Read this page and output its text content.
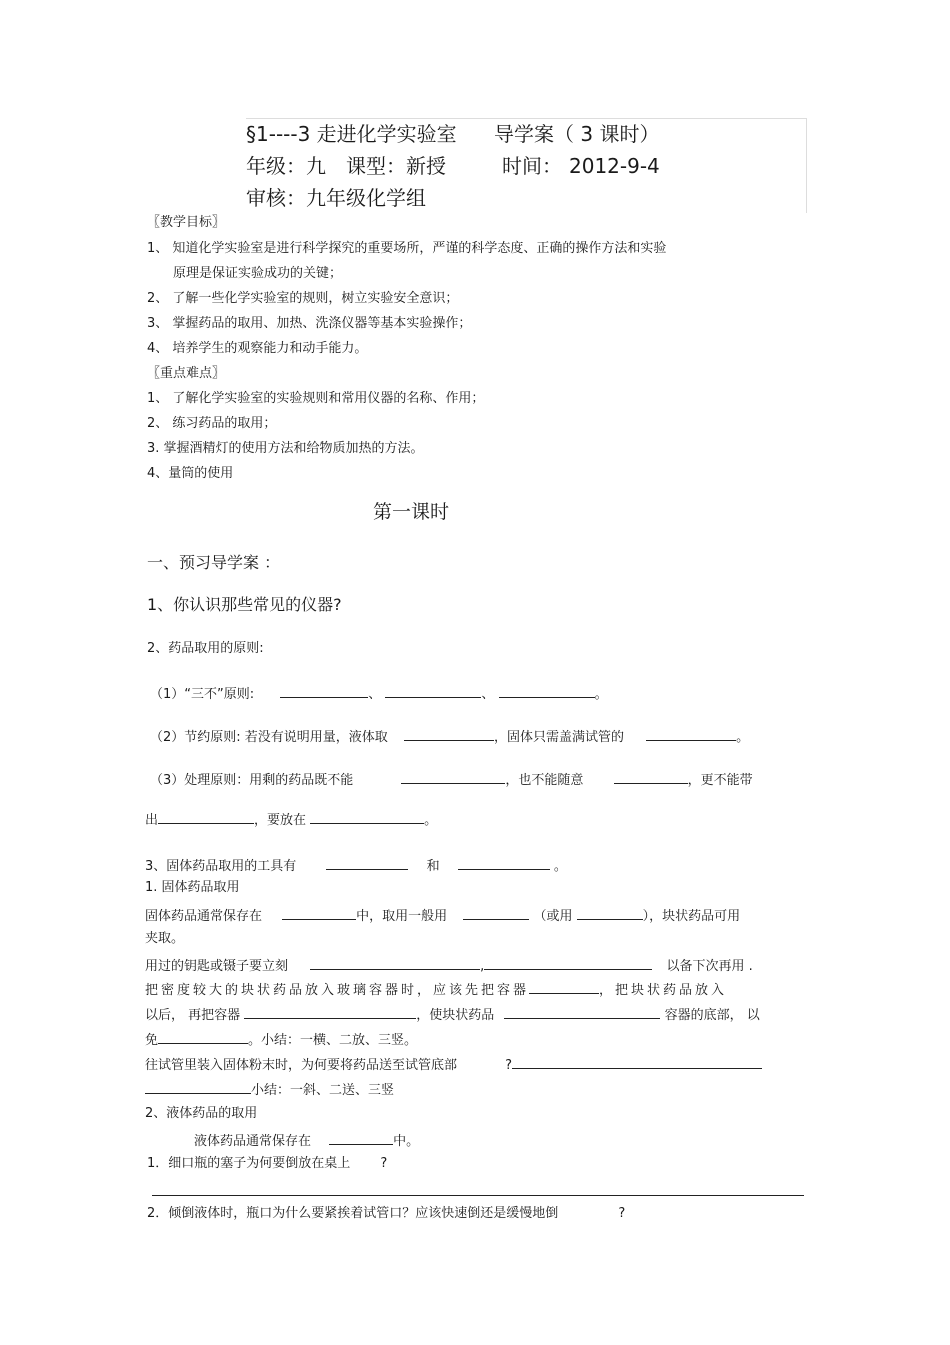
§1----3 走进化学实验室 导学案（ 3 课时）
年级：九 课型：新授	时间： 2012-9-4
审核：九年级化学组
〖教学目标〗
1、 知道化学实验室是进行科学探究的重要场所，严谨的科学态度、正确的操作方法和实验
原理是保证实验成功的关键；
2、 了解一些化学实验室的规则，树立实验安全意识；
3、 掌握药品的取用、加热、洗涤仪器等基本实验操作；
4、 培养学生的观察能力和动手能力。
〖重点难点〗
1、 了解化学实验室的实验规则和常用仪器的名称、作用；
2、 练习药品的取用；
3. 掌握酒精灯的使用方法和给物质加热的方法。
4、量筒的使用
第一课时
一、预习导学案 ：
1、你认识那些常见的仪器?
2、药品取用的原则:
（1）“三不”原则:	、	、	。
（2）节约原则: 若没有说明用量，液体取	，固体只需盖满试管的	。
（3）处理原则：用剩的药品既不能	，也不能随意	，更不能带
出	，要放在	。
3、固体药品取用的工具有	和	。
1. 固体药品取用
固体药品通常保存在	中，取用一般用	（或用	），块状药品可用
夹取。
用过的钥匙或镊子要立刻	,	以备下次再用 .
把密度较大的块状药品放入玻璃容器时，应该先把容器	，把块状药品放入
以后， 再把容器	，使块状药品	容器的底部， 以
免	。小结：一横、二放、三竖。
往试管里装入固体粉末时，为何要将药品送至试管底部	?
小结：一斜、二送、三竖
2、液体药品的取用
液体药品通常保存在	中。
1．细口瓶的塞子为何要倒放在桌上 ?
2．倾倒液体时，瓶口为什么要紧挨着试管口？应该快速倒还是缓慢地倒	?
